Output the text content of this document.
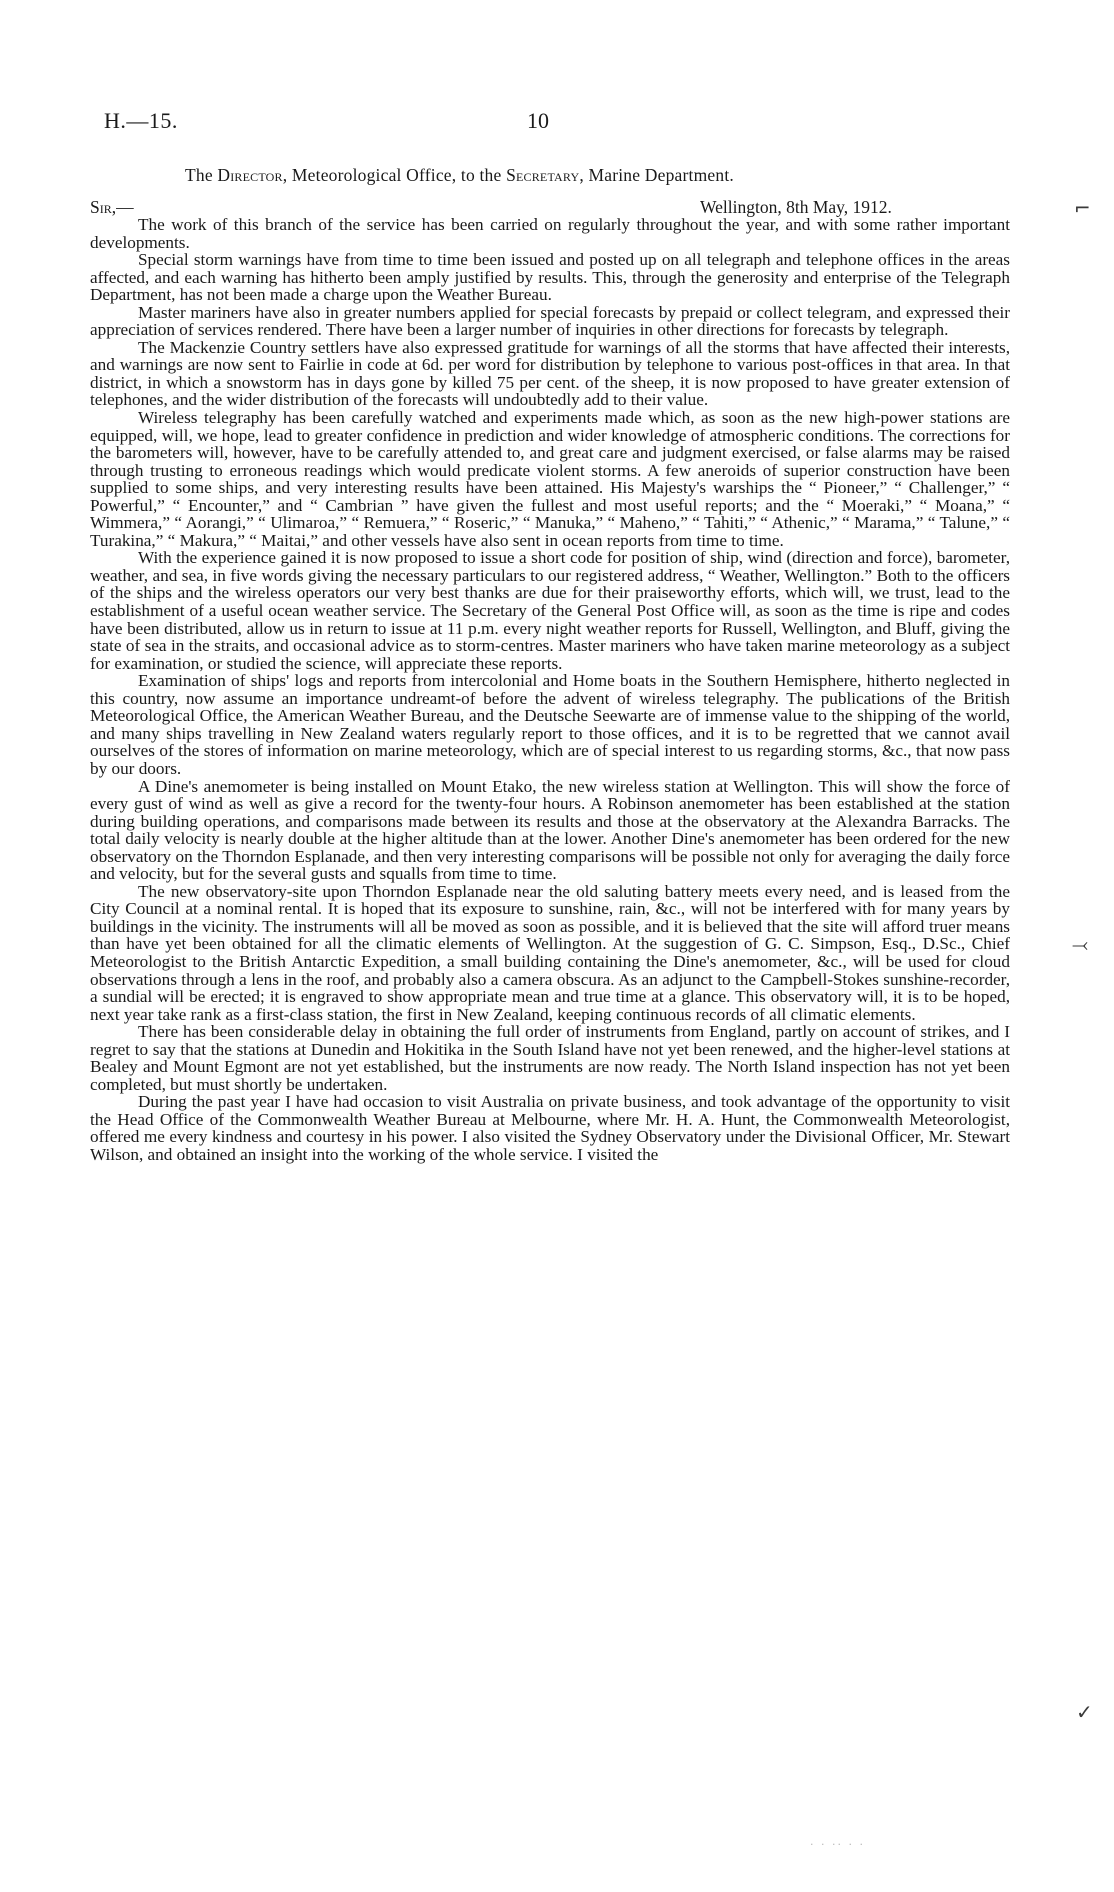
H.—15.	10
The Director, Meteorological Office, to the Secretary, Marine Department.
Sir,—	Wellington, 8th May, 1912.

The work of this branch of the service has been carried on regularly throughout the year, and with some rather important developments.

Special storm warnings have from time to time been issued and posted up on all telegraph and telephone offices in the areas affected, and each warning has hitherto been amply justified by results. This, through the generosity and enterprise of the Telegraph Department, has not been made a charge upon the Weather Bureau.

Master mariners have also in greater numbers applied for special forecasts by prepaid or collect telegram, and expressed their appreciation of services rendered. There have been a larger number of inquiries in other directions for forecasts by telegraph.

The Mackenzie Country settlers have also expressed gratitude for warnings of all the storms that have affected their interests, and warnings are now sent to Fairlie in code at 6d. per word for distribution by telephone to various post-offices in that area. In that district, in which a snowstorm has in days gone by killed 75 per cent. of the sheep, it is now proposed to have greater extension of telephones, and the wider distribution of the forecasts will undoubtedly add to their value.

Wireless telegraphy has been carefully watched and experiments made which, as soon as the new high-power stations are equipped, will, we hope, lead to greater confidence in prediction and wider knowledge of atmospheric conditions. The corrections for the barometers will, however, have to be carefully attended to, and great care and judgment exercised, or false alarms may be raised through trusting to erroneous readings which would predicate violent storms. A few aneroids of superior construction have been supplied to some ships, and very interesting results have been attained. His Majesty's warships the “ Pioneer,” “ Challenger,” “ Powerful,” “ Encounter,” and “ Cambrian ” have given the fullest and most useful reports; and the “ Moeraki,” “ Moana,” “ Wimmera,” “ Aorangi,” “ Ulimaroa,” “ Remuera,” “ Roseric,” “ Manuka,” “ Maheno,” “ Tahiti,” “ Athenic,” “ Marama,” “ Talune,” “ Turakina,” “ Makura,” “ Maitai,” and other vessels have also sent in ocean reports from time to time.

With the experience gained it is now proposed to issue a short code for position of ship, wind (direction and force), barometer, weather, and sea, in five words giving the necessary particulars to our registered address, “ Weather, Wellington.” Both to the officers of the ships and the wireless operators our very best thanks are due for their praiseworthy efforts, which will, we trust, lead to the establishment of a useful ocean weather service. The Secretary of the General Post Office will, as soon as the time is ripe and codes have been distributed, allow us in return to issue at 11 p.m. every night weather reports for Russell, Wellington, and Bluff, giving the state of sea in the straits, and occasional advice as to storm-centres. Master mariners who have taken marine meteorology as a subject for examination, or studied the science, will appreciate these reports.

Examination of ships' logs and reports from intercolonial and Home boats in the Southern Hemisphere, hitherto neglected in this country, now assume an importance undreamt-of before the advent of wireless telegraphy. The publications of the British Meteorological Office, the American Weather Bureau, and the Deutsche Seewarte are of immense value to the shipping of the world, and many ships travelling in New Zealand waters regularly report to those offices, and it is to be regretted that we cannot avail ourselves of the stores of information on marine meteorology, which are of special interest to us regarding storms, &c., that now pass by our doors.

A Dine's anemometer is being installed on Mount Etako, the new wireless station at Wellington. This will show the force of every gust of wind as well as give a record for the twenty-four hours. A Robinson anemometer has been established at the station during building operations, and comparisons made between its results and those at the observatory at the Alexandra Barracks. The total daily velocity is nearly double at the higher altitude than at the lower. Another Dine's anemometer has been ordered for the new observatory on the Thorndon Esplanade, and then very interesting comparisons will be possible not only for averaging the daily force and velocity, but for the several gusts and squalls from time to time.

The new observatory-site upon Thorndon Esplanade near the old saluting battery meets every need, and is leased from the City Council at a nominal rental. It is hoped that its exposure to sunshine, rain, &c., will not be interfered with for many years by buildings in the vicinity. The instruments will all be moved as soon as possible, and it is believed that the site will afford truer means than have yet been obtained for all the climatic elements of Wellington. At the suggestion of G. C. Simpson, Esq., D.Sc., Chief Meteorologist to the British Antarctic Expedition, a small building containing the Dine's anemometer, &c., will be used for cloud observations through a lens in the roof, and probably also a camera obscura. As an adjunct to the Campbell-Stokes sunshine-recorder, a sundial will be erected; it is engraved to show appropriate mean and true time at a glance. This observatory will, it is to be hoped, next year take rank as a first-class station, the first in New Zealand, keeping continuous records of all climatic elements.

There has been considerable delay in obtaining the full order of instruments from England, partly on account of strikes, and I regret to say that the stations at Dunedin and Hokitika in the South Island have not yet been renewed, and the higher-level stations at Bealey and Mount Egmont are not yet established, but the instruments are now ready. The North Island inspection has not yet been completed, but must shortly be undertaken.

During the past year I have had occasion to visit Australia on private business, and took advantage of the opportunity to visit the Head Office of the Commonwealth Weather Bureau at Melbourne, where Mr. H. A. Hunt, the Commonwealth Meteorologist, offered me every kindness and courtesy in his power. I also visited the Sydney Observatory under the Divisional Officer, Mr. Stewart Wilson, and obtained an insight into the working of the whole service. I visited the

⌐
⤙
✓
· · ·· · ·
